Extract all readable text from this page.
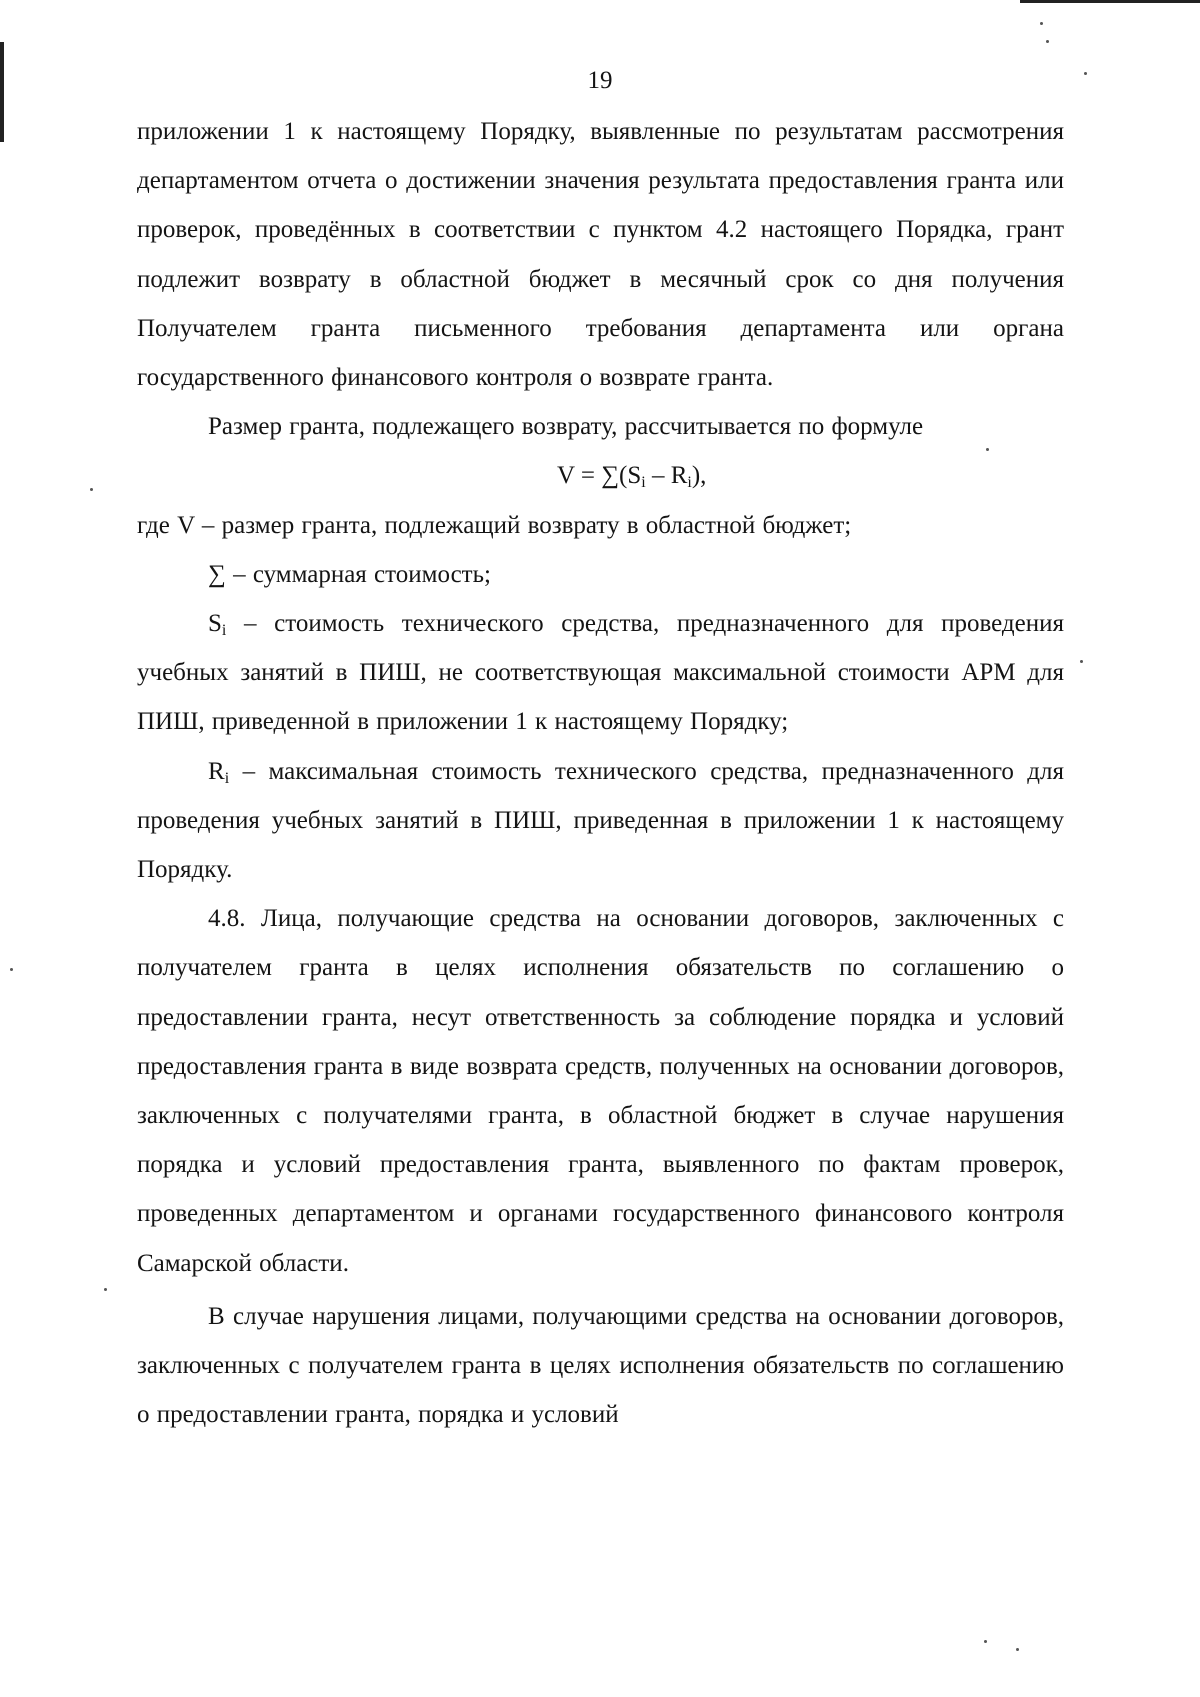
19

приложении 1 к настоящему Порядку, выявленные по результатам рассмотрения департаментом отчета о достижении значения результата предоставления гранта или проверок, проведённых в соответствии с пунктом 4.2 настоящего Порядка, грант подлежит возврату в областной бюджет в месячный срок со дня получения Получателем гранта письменного требования департамента или органа государственного финансового контроля о возврате гранта.

Размер гранта, подлежащего возврату, рассчитывается по формуле

$V = \sum(S_i - R_i)$,

где V – размер гранта, подлежащий возврату в областной бюджет;

∑ – суммарная стоимость;

$S_i$ – стоимость технического средства, предназначенного для проведения учебных занятий в ПИШ, не соответствующая максимальной стоимости АРМ для ПИШ, приведенной в приложении 1 к настоящему Порядку;

$R_i$ – максимальная стоимость технического средства, предназначенного для проведения учебных занятий в ПИШ, приведенная в приложении 1 к настоящему Порядку.

4.8. Лица, получающие средства на основании договоров, заключенных с получателем гранта в целях исполнения обязательств по соглашению о предоставлении гранта, несут ответственность за соблюдение порядка и условий предоставления гранта в виде возврата средств, полученных на основании договоров, заключенных с получателями гранта, в областной бюджет в случае нарушения порядка и условий предоставления гранта, выявленного по фактам проверок, проведенных департаментом и органами государственного финансового контроля Самарской области.

В случае нарушения лицами, получающими средства на основании договоров, заключенных с получателем гранта в целях исполнения обязательств по соглашению о предоставлении гранта, порядка и условий
